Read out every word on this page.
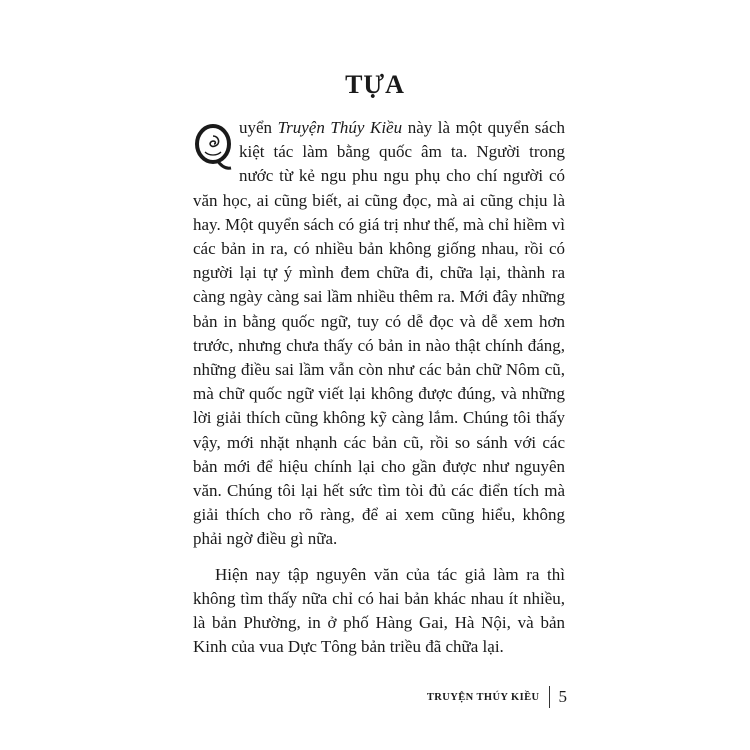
TỰA

uyển Truyện Thúy Kiều này là một quyển sách kiệt tác làm bằng quốc âm ta. Người trong nước từ kẻ ngu phu ngu phụ cho chí người có văn học, ai cũng biết, ai cũng đọc, mà ai cũng chịu là hay. Một quyển sách có giá trị như thế, mà chỉ hiềm vì các bản in ra, có nhiều bản không giống nhau, rồi có người lại tự ý mình đem chữa đi, chữa lại, thành ra càng ngày càng sai lầm nhiều thêm ra. Mới đây những bản in bằng quốc ngữ, tuy có dễ đọc và dễ xem hơn trước, nhưng chưa thấy có bản in nào thật chính đáng, những điều sai lầm vẫn còn như các bản chữ Nôm cũ, mà chữ quốc ngữ viết lại không được đúng, và những lời giải thích cũng không kỹ càng lắm. Chúng tôi thấy vậy, mới nhặt nhạnh các bản cũ, rồi so sánh với các bản mới để hiệu chính lại cho gần được như nguyên văn. Chúng tôi lại hết sức tìm tòi đủ các điển tích mà giải thích cho rõ ràng, để ai xem cũng hiểu, không phải ngờ điều gì nữa.

Hiện nay tập nguyên văn của tác giả làm ra thì không tìm thấy nữa chỉ có hai bản khác nhau ít nhiều, là bản Phường, in ở phố Hàng Gai, Hà Nội, và bản Kinh của vua Dực Tông bản triều đã chữa lại.

TRUYỆN THÚY KIỀU	5
